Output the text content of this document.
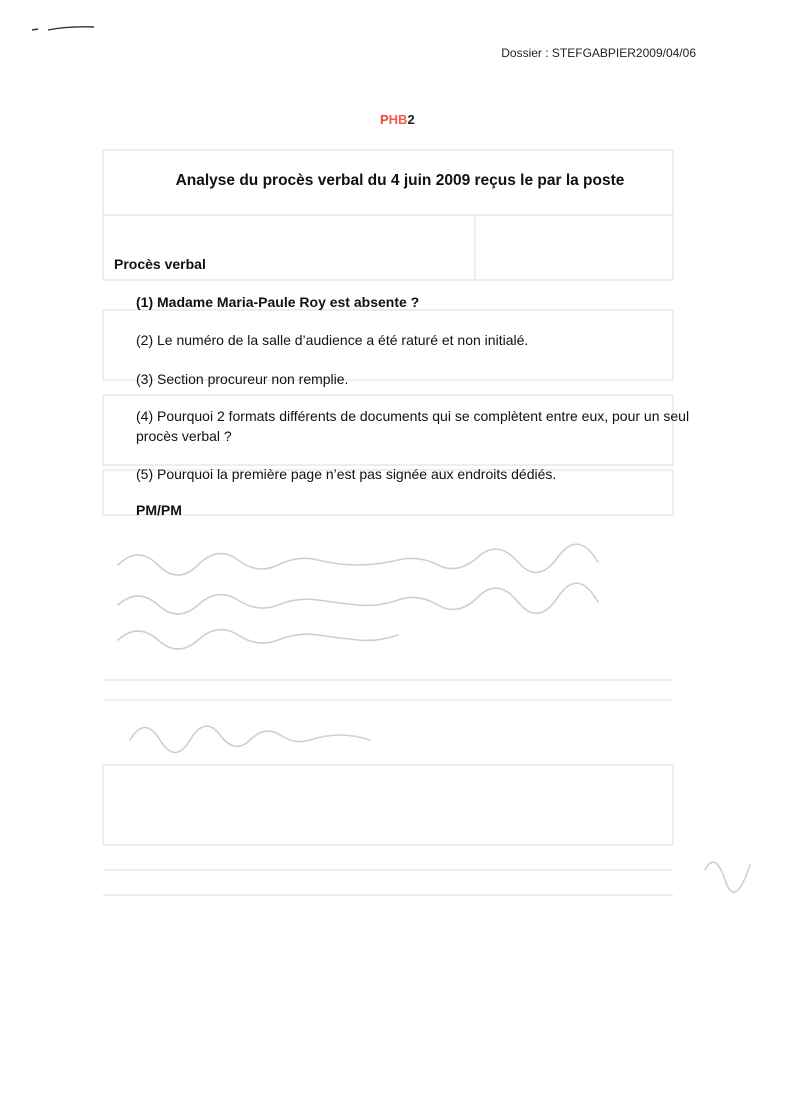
Dossier : STEFGABPIER2009/04/06
PHB2
Analyse du procès verbal du 4 juin 2009 reçus le par la poste
Procès verbal
(1) Madame Maria-Paule Roy est absente ?
(2) Le numéro de la salle d’audience a été raturé et non initialé.
(3) Section procureur non remplie.
(4) Pourquoi 2 formats différents de documents qui se complètent entre eux, pour un seul procès verbal ?
(5) Pourquoi la première page n’est pas signée aux endroits dédiés.
PM/PM
